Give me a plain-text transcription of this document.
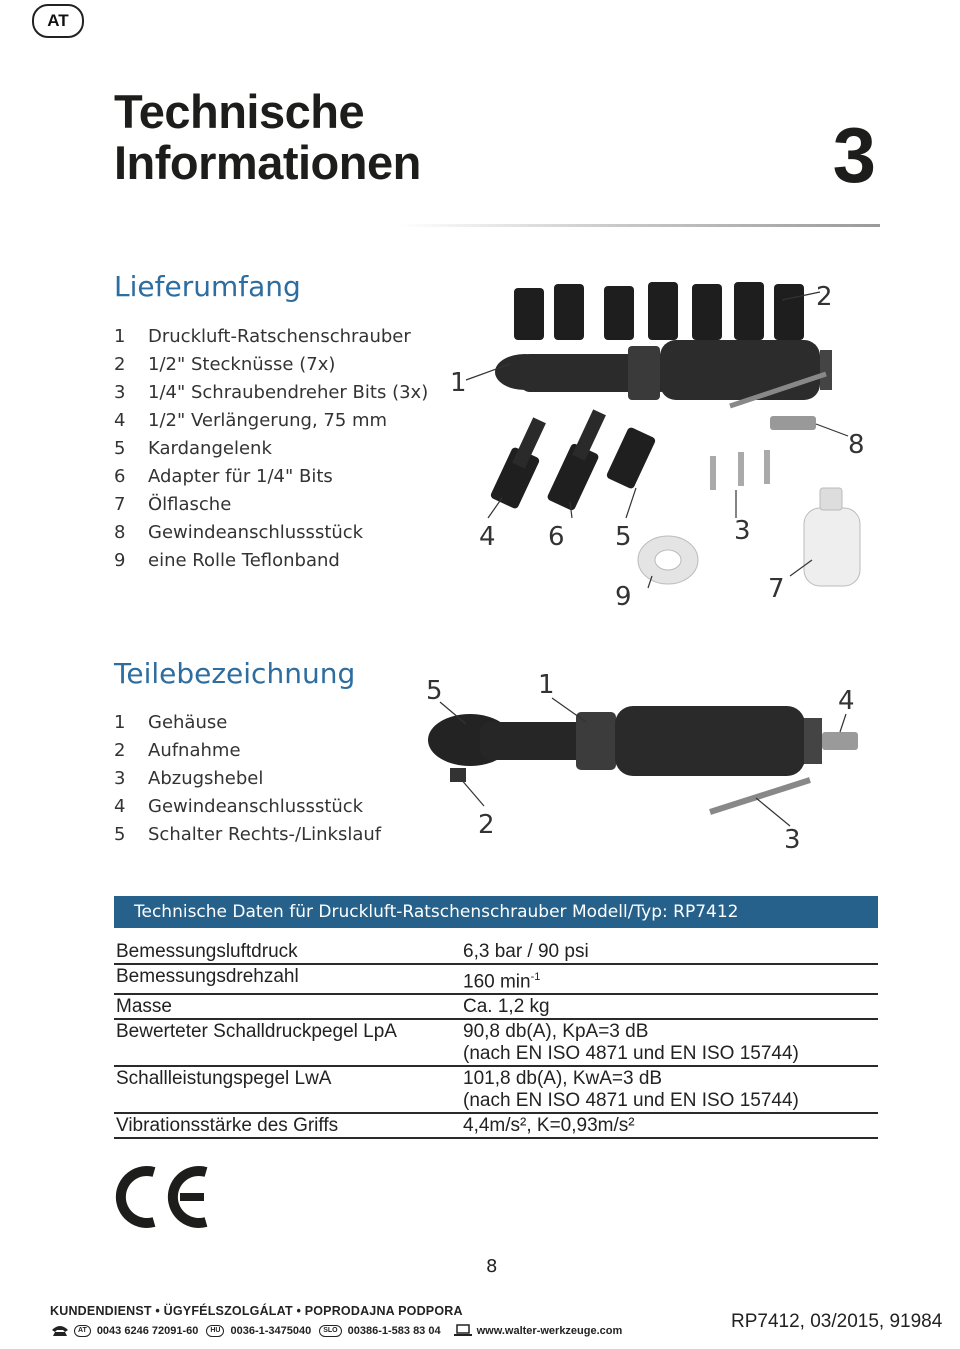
AT
Technische
Informationen	3
Lieferumfang
1	Druckluft-Ratschenschrauber
2	1/2" Stecknüsse (7x)
3	1/4" Schraubendreher Bits (3x)
4	1/2" Verlängerung, 75 mm
5	Kardangelenk
6	Adapter für 1/4" Bits
7	Ölflasche
8	Gewindeanschlussstück
9	eine Rolle Teflonband
1
2
8
4 6 5	3
9	7
Teilebezeichnung
1	Gehäuse
2	Aufnahme
3	Abzugshebel
4	Gewindeanschlussstück
5	Schalter Rechts-/Linkslauf
5	1
4
2	3
Technische Daten für Druckluft-Ratschenschrauber Modell/Typ: RP7412
Bemessungsluftdruck	6,3 bar / 90 psi
Bemessungsdrehzahl	160 $\min^{-1}$
Masse	Ca. 1,2 kg
Bewerteter Schalldruckpegel LpA	90,8 db(A), KpA=3 dB
(nach EN ISO 4871 und EN ISO 15744)
Schallleistungspegel LwA	101,8 db(A), KwA=3 dB
(nach EN ISO 4871 und EN ISO 15744)
Vibrationsstärke des Griffs	4,4m/s², K=0,93m/s²
8
KUNDENDIENST • ÜGYFÉLSZOLGÁLAT • POPRODAJNA PODPORA
AT 0043 6246 72091-60	HU 0036-1-3475040	SLO 00386-1-583 83 04	www.walter-werkzeuge.com	RP7412, 03/2015, 91984
